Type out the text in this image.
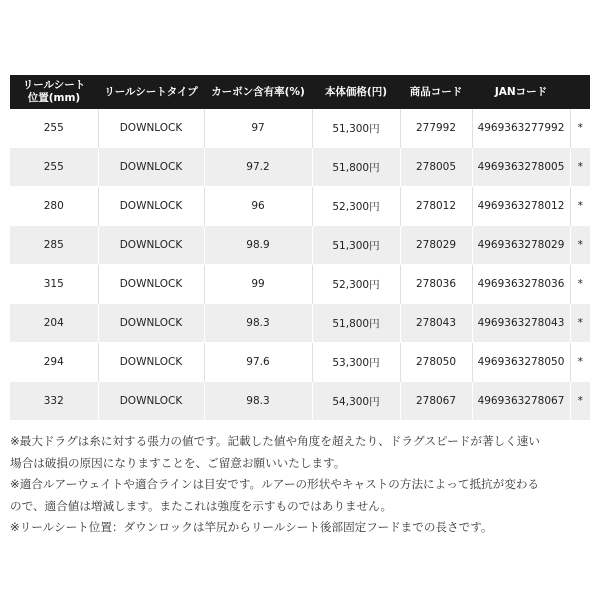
リールシート
位置(mm)	リールシートタイプ	カーボン含有率(%)	本体価格(円)	商品コード	JANコード	
255	DOWNLOCK	97	51,300円	277992	4969363277992	*
255	DOWNLOCK	97.2	51,800円	278005	4969363278005	*
280	DOWNLOCK	96	52,300円	278012	4969363278012	*
285	DOWNLOCK	98.9	51,300円	278029	4969363278029	*
315	DOWNLOCK	99	52,300円	278036	4969363278036	*
204	DOWNLOCK	98.3	51,800円	278043	4969363278043	*
294	DOWNLOCK	97.6	53,300円	278050	4969363278050	*
332	DOWNLOCK	98.3	54,300円	278067	4969363278067	*

※最大ドラグは糸に対する張力の値です。記載した値や角度を超えたり、ドラグスピードが著しく速い

場合は破損の原因になりますことを、ご留意お願いいたします。

※適合ルアーウェイトや適合ラインは目安です。ルアーの形状やキャストの方法によって抵抗が変わる

ので、適合値は増減します。またこれは強度を示すものではありません。

※リールシート位置：ダウンロックは竿尻からリールシート後部固定フードまでの長さです。
